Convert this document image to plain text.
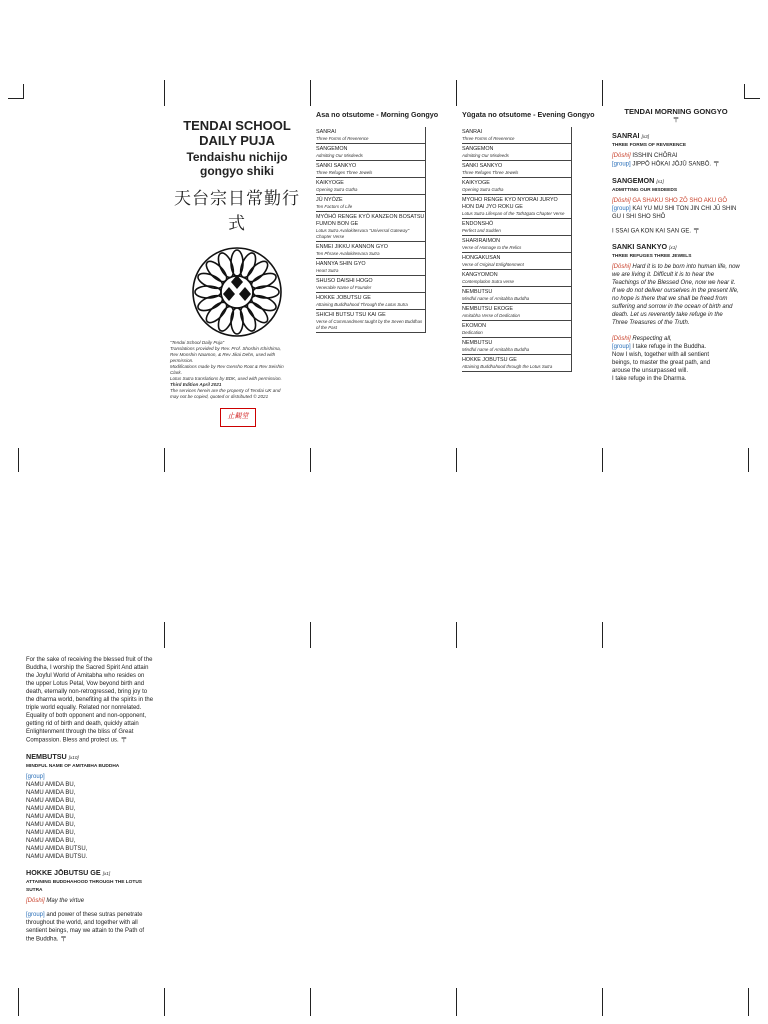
TENDAI SCHOOL DAILY PUJA
Tendaishu nichijo gongyo shiki
天台宗日常勤行式
"Tendai School Daily Puja"
Translations provided by Rev. Prof. Shoshin Ichishima,
Rev Monshin Naamon, & Rev Jikai Dehn, used with
permission.
Modifications made by Rev Gensho Root & Rev Seishin
Clark.
Lotus Sutra translations by BDK, used with permission.
Third Edition April 2021
The services herein are the property of Tendai UK and
may not be copied, quoted or distributed © 2021
止観堂
Asa no otsutome - Morning Gongyo
SANRAI
Three Forms of Reverence
SANGEMON
Admitting Our Misdeeds
SANKI SANKYO
Three Refuges Three Jewels
KAIKYOGE
Opening Sutra Gatha
JŪ NYŌZE
Ten Factors of Life
MYŌHŌ RENGE KYŌ KANZEON BOSATSU FUMON BON GE
Lotus Sutra Avalokitesvara "Universal Gateway" Chapter Verse
ENMEI JIKKU KANNON GYO
Ten Phrase Avalokitesvara Sutra
HANNYA SHIN GYO
Heart Sutra
SHUSO DAISHI HOGO
Venerable Name of Founder
HOKKE JOBUTSU GE
Attaining Buddhahood Through the Lotus Sutra
SHICHI BUTSU TSU KAI GE
Verse of Commandment taught by the Seven Buddhas of the Past
Yūgata no otsutome - Evening Gongyo
SANRAI
Three Forms of Reverence
SANGEMON
Admitting Our Misdeeds
SANKI SANKYO
Three Refuges Three Jewels
KAIKYOGE
Opening Sutra Gatha
MYOHO RENGE KYO NYORAI JURYO HON DAI JYO ROKU GE
Lotus Sutra Lifespan of the Tathāgata Chapter Verse
ENDONSHŌ
Perfect and Sudden
SHARIRAIMON
Verse of Homage to the Relics
HONGAKUSAN
Verse of Original Enlightenment
KANGYOMON
Contemplation Sutra verse
NEMBUTSU
Mindful name of Amitabha Buddha
NEMBUTSU EKOGE
Amitabha Verse of Dedication
EKOMON
Dedication
NEMBUTSU
Mindful name of Amitabha Buddha
HOKKE JOBUTSU GE
Attaining Buddhahood through the Lotus Sutra
TENDAI MORNING GONGYO
〒
SANRAI [x3]
THREE FORMS OF REVERENCE
[Dōshi] ISSHIN CHŌRAI
[group] JIPPŌ HŌKAI JŌJŪ SANBŌ. 〒
SANGEMON [x1]
ADMITTING OUR MISDEEDS
[Dōshi] GA SHAKU SHO ZŌ SHO AKU GŌ [group] KAI YU MU SHI TON JIN CHI JŪ SHIN GU I SHI SHO SHŌ
I SSAI GA KON KAI SAN GE. 〒
SANKI SANKYO [x1]
THREE REFUGES THREE JEWELS
[Dōshi] Hard it is to be born into human life, now we are living it. Difficult it is to hear the Teachings of the Blessed One, now we hear it. If we do not deliver ourselves in the present life, no hope is there that we shall be freed from suffering and sorrow in the ocean of birth and death. Let us reverently take refuge in the Three Treasures of the Truth.
[Dōshi] Respecting all,
[group] I take refuge in the Buddha.
Now I wish, together with all sentient
beings, to master the great path, and
arouse the unsurpassed will.
I take refuge in the Dharma.
For the sake of receiving the blessed fruit of the Buddha, I worship the Sacred Spirit And attain the Joyful World of Amitabha who resides on the upper Lotus Petal, Vow beyond birth and death, eternally non-retrogressed, bring joy to the dharma world, benefiting all the spirits in the triple world equally. Related nor nonrelated. Equality of both opponent and non-opponent, getting rid of birth and death, quickly attain Enlightenment through the bliss of Great Compassion. Bless and protect us. 〒
NEMBUTSU [x10]
MINDFUL NAME OF AMITABHA BUDDHA
[group]
NAMU AMIDA BU,
NAMU AMIDA BU,
NAMU AMIDA BU,
NAMU AMIDA BU,
NAMU AMIDA BU,
NAMU AMIDA BU,
NAMU AMIDA BU,
NAMU AMIDA BU,
NAMU AMIDA BUTSU,
NAMU AMIDA BUTSU.
HOKKE JŌBUTSU GE [x1]
ATTAINING BUDDHAHOOD THROUGH THE LOTUS SUTRA
[Dōshi] May the virtue
[group] and power of these sutras penetrate throughout the world, and together with all sentient beings, may we attain to the Path of the Buddha. 〒
